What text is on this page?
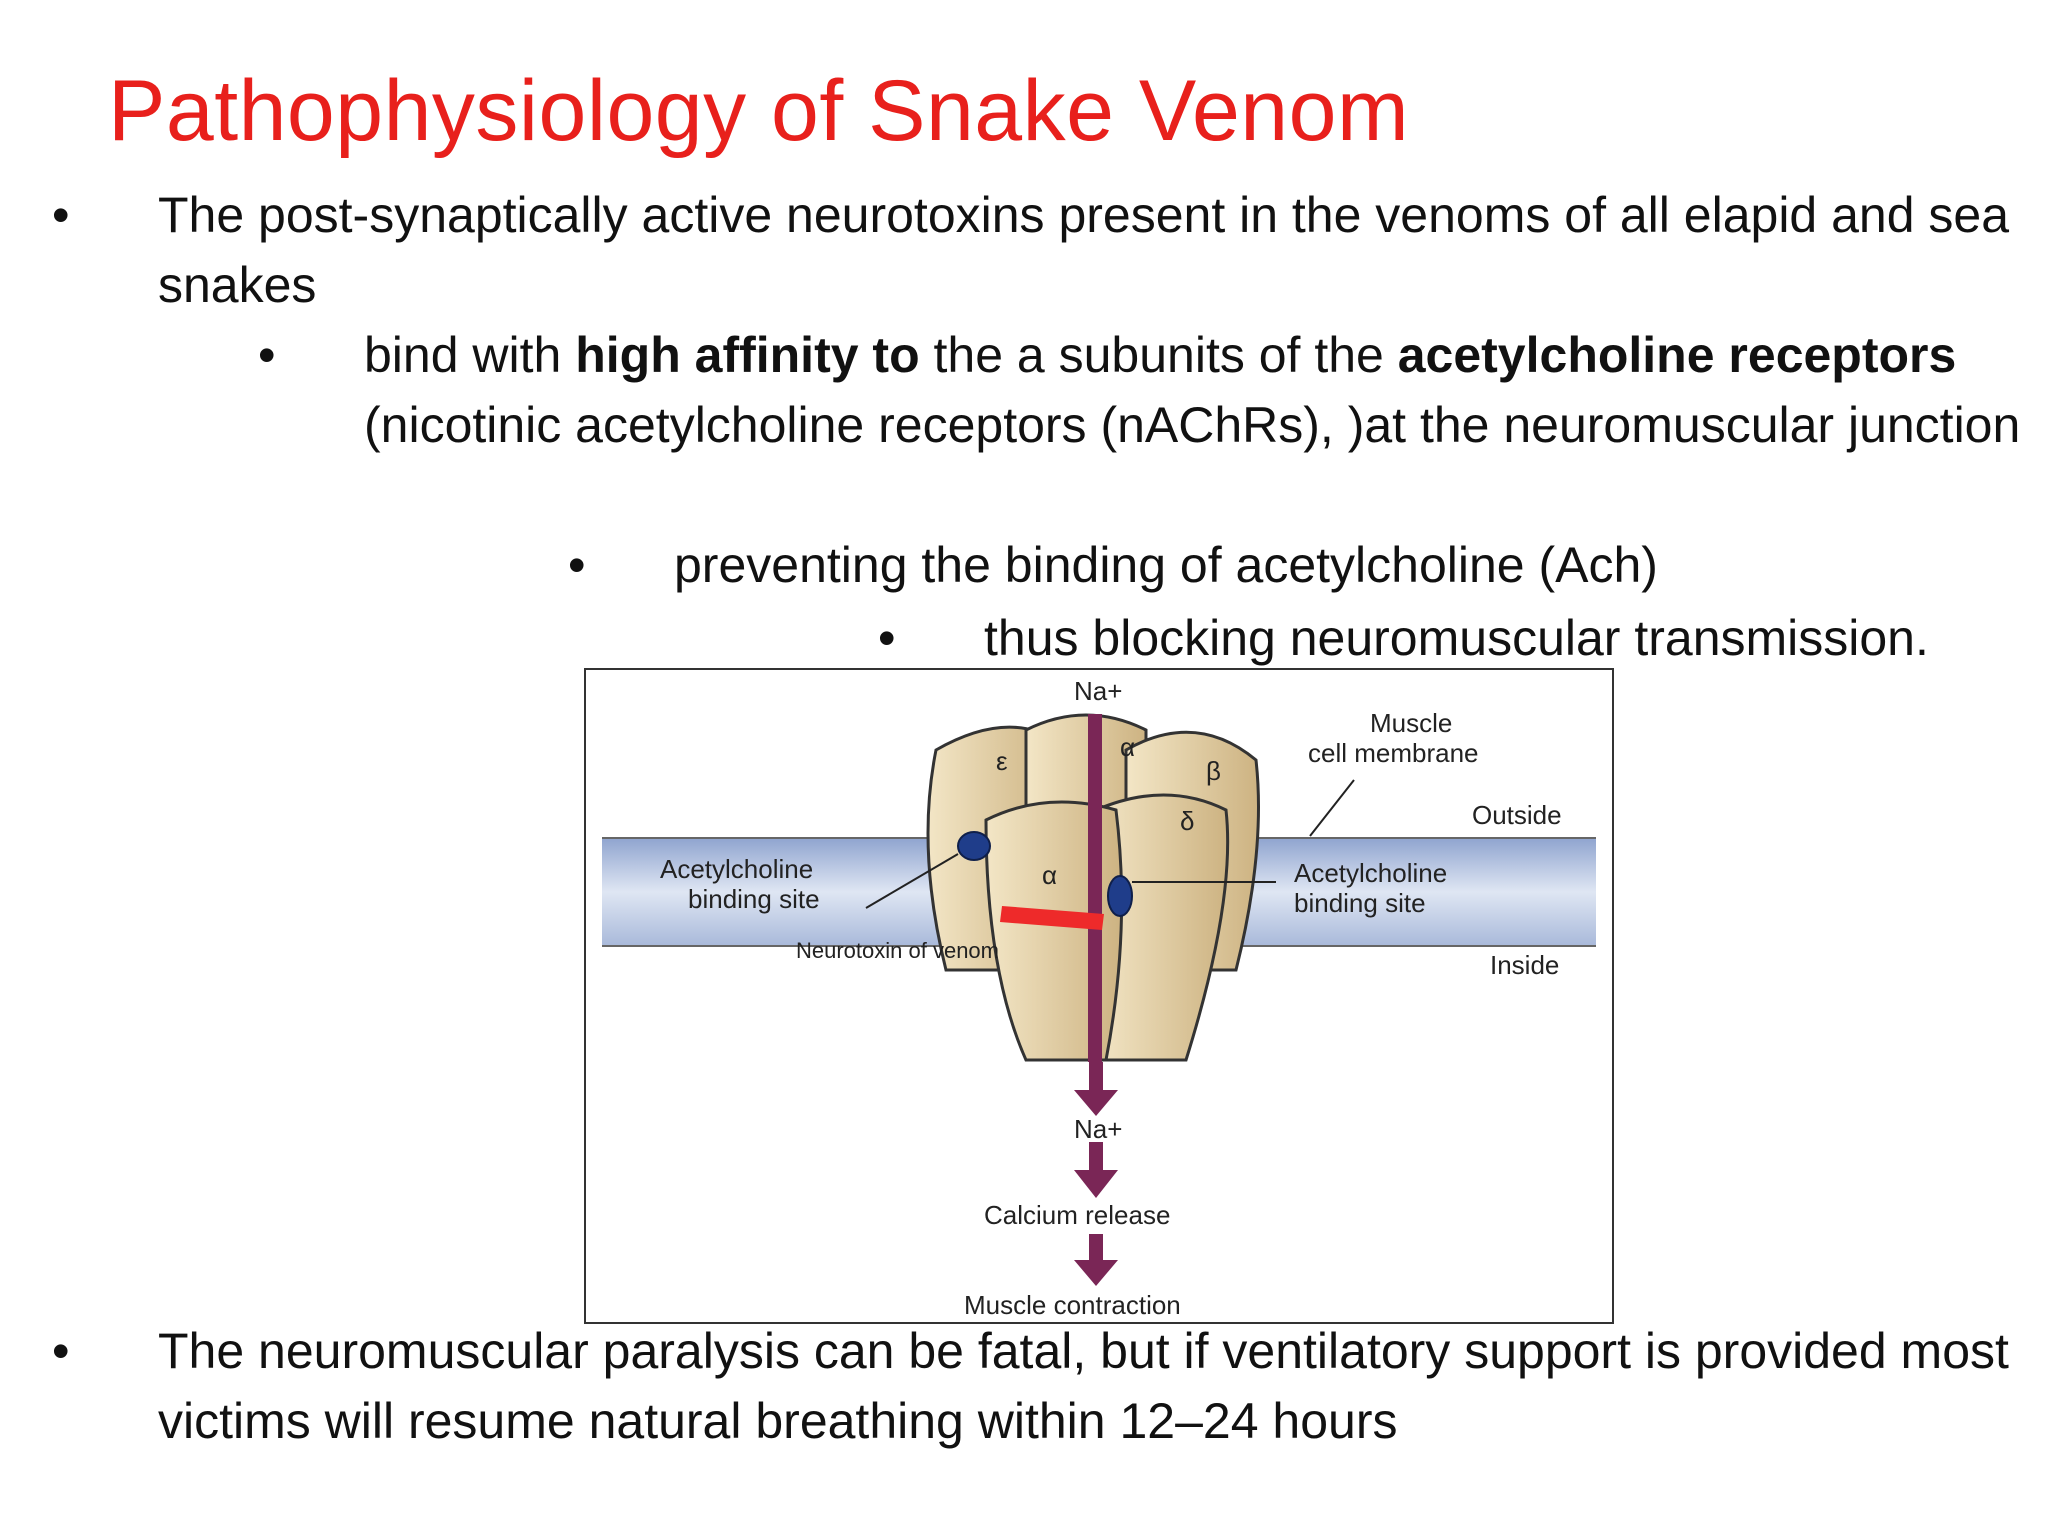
Pathophysiology of Snake Venom
• The post-synaptically active neurotoxins present in the venoms of all elapid and sea snakes
• bind with high affinity to the a subunits of the acetylcholine receptors (nicotinic acetylcholine receptors (nAChRs), )at the neuromuscular junction
• preventing the binding of acetylcholine (Ach)
• thus blocking neuromuscular transmission.
ε	α
β
δ
α
Na+
Muscle
cell membrane
Outside
Acetylcholine
binding site
Acetylcholine
binding site
Neurotoxin of venom	Inside
Na+
Calcium release
Muscle contraction
• The neuromuscular paralysis can be fatal, but if ventilatory support is provided most victims will resume natural breathing within 12–24 hours
